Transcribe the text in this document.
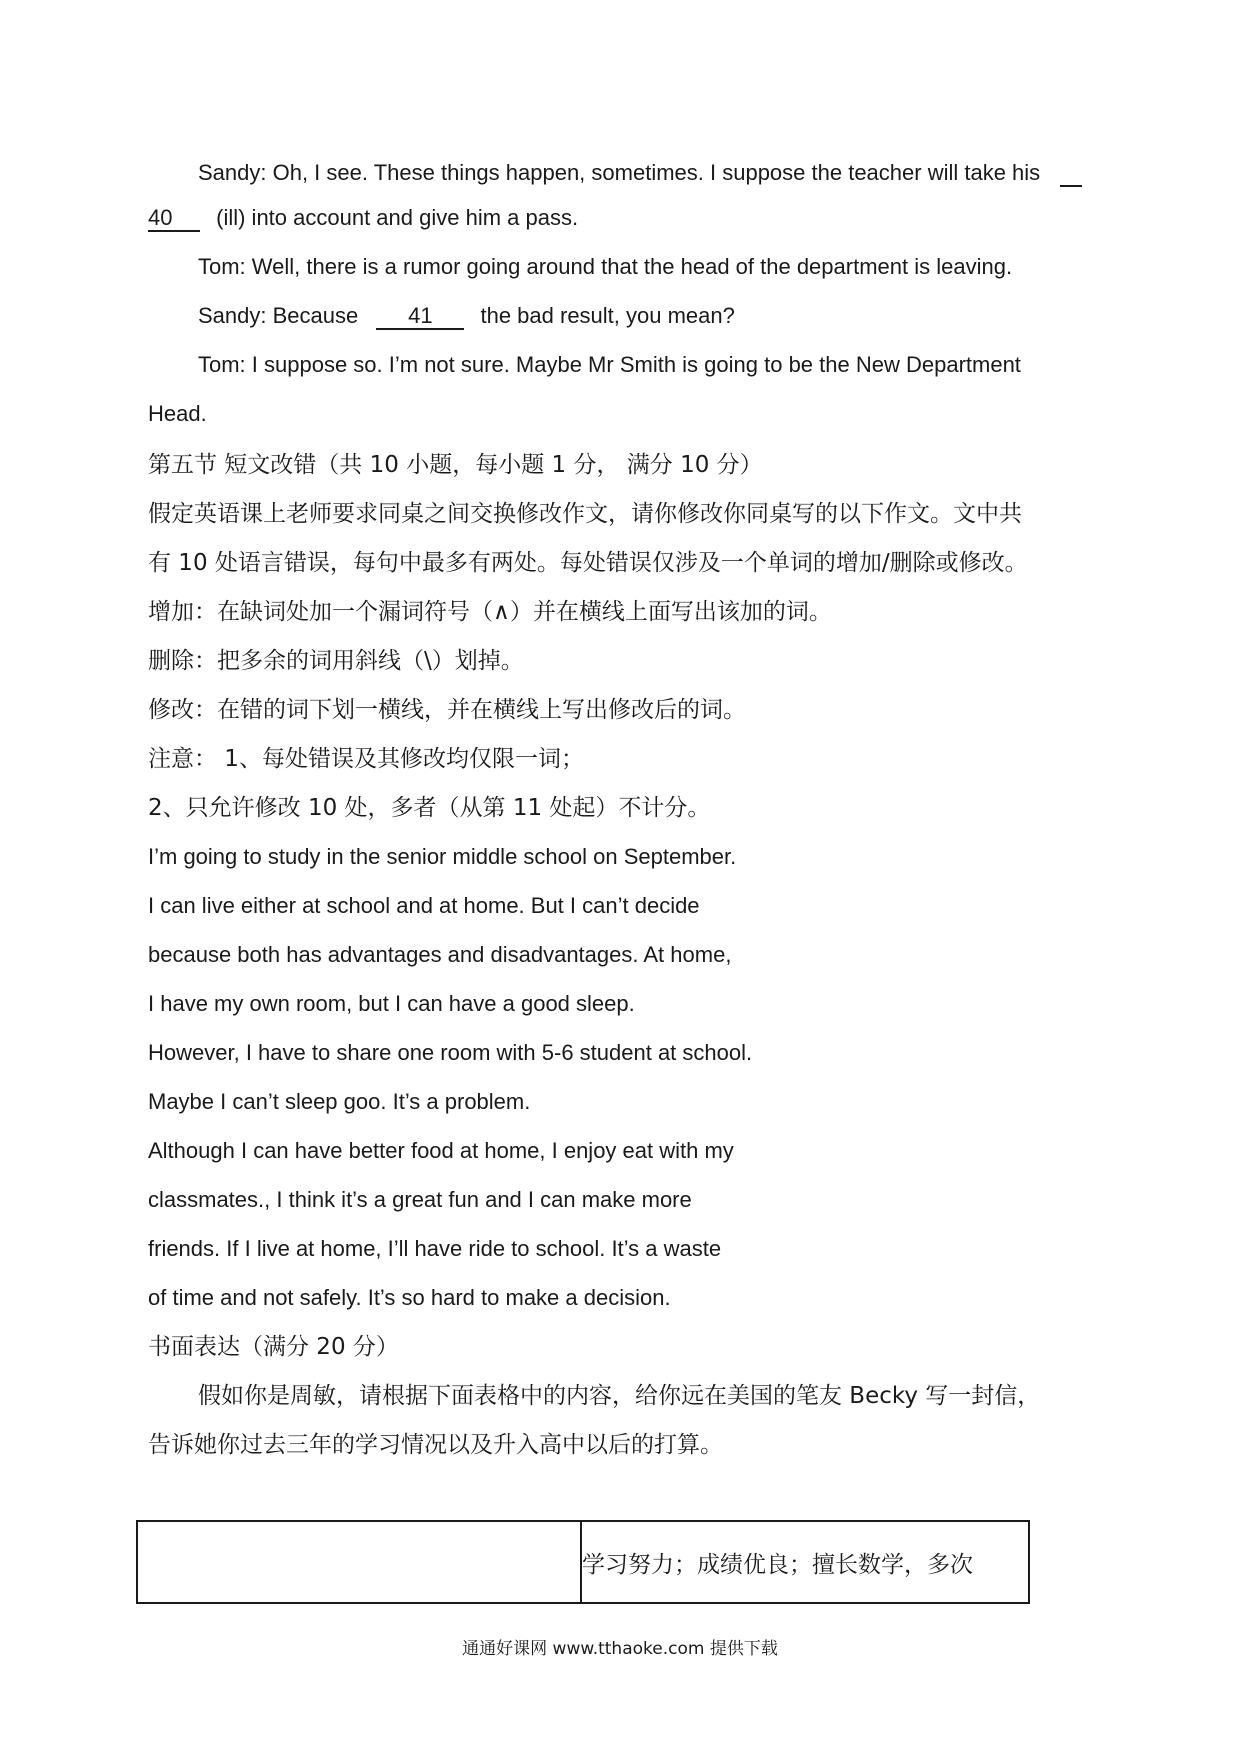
Sandy: Oh, I see. These things happen, sometimes. I suppose the teacher will take his
40 (ill) into account and give him a pass.
Tom: Well, there is a rumor going around that the head of the department is leaving.
Sandy: Because 41 the bad result, you mean?
Tom: I suppose so. I’m not sure. Maybe Mr Smith is going to be the New Department
Head.
第五节 短文改错（共 10 小题，每小题 1 分， 满分 10 分）
假定英语课上老师要求同桌之间交换修改作文，请你修改你同桌写的以下作文。文中共
有 10 处语言错误，每句中最多有两处。每处错误仅涉及一个单词的增加/删除或修改。
增加：在缺词处加一个漏词符号（∧）并在横线上面写出该加的词。
删除：把多余的词用斜线（\）划掉。
修改：在错的词下划一横线，并在横线上写出修改后的词。
注意： 1、每处错误及其修改均仅限一词；
2、只允许修改 10 处，多者（从第 11 处起）不计分。
I’m going to study in the senior middle school on September.
I can live either at school and at home. But I can’t decide
because both has advantages and disadvantages. At home,
I have my own room, but I can have a good sleep.
However, I have to share one room with 5-6 student at school.
Maybe I can’t sleep goo. It’s a problem.
Although I can have better food at home, I enjoy eat with my
classmates., I think it’s a great fun and I can make more
friends. If I live at home, I’ll have ride to school. It’s a waste
of time and not safely. It’s so hard to make a decision.
书面表达（满分 20 分）
假如你是周敏，请根据下面表格中的内容，给你远在美国的笔友 Becky 写一封信，
告诉她你过去三年的学习情况以及升入高中以后的打算。
	学习努力；成绩优良；擅长数学，多次
通通好课网 www.tthaoke.com 提供下载
